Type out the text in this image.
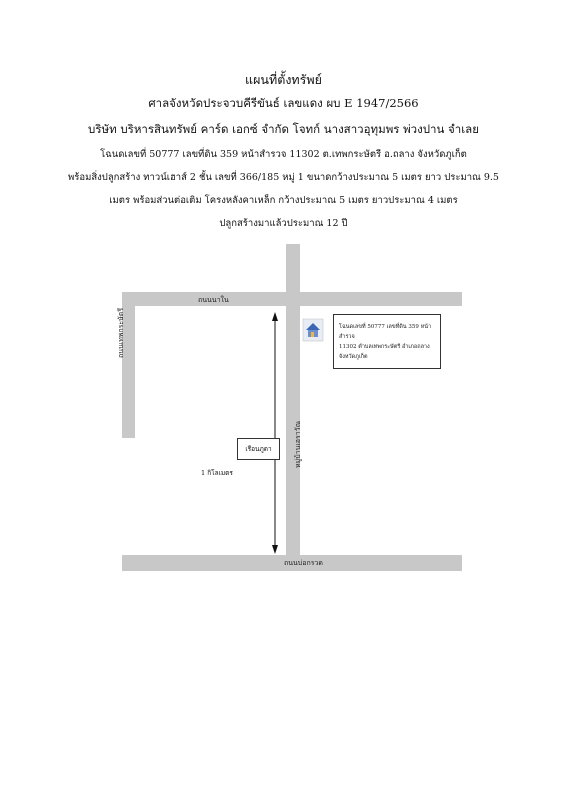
แผนที่ตั้งทรัพย์
ศาลจังหวัดประจวบคีรีขันธ์ เลขแดง ผบ E 1947/2566
บริษัท บริหารสินทรัพย์ คาร์ด เอกซ์ จำกัด โจทก์ นางสาวอุทุมพร พ่วงปาน จำเลย
โฉนดเลขที่ 50777 เลขที่ดิน 359 หน้าสำรวจ 11302 ต.เทพกระษัตรี อ.ถลาง จังหวัดภูเก็ต
พร้อมสิ่งปลูกสร้าง ทาวน์เฮาส์ 2 ชั้น เลขที่ 366/185 หมู่ 1 ขนาดกว้างประมาณ 5 เมตร ยาว ประมาณ 9.5
เมตร พร้อมส่วนต่อเติม โครงหลังคาเหล็ก กว้างประมาณ 5 เมตร ยาวประมาณ 4 เมตร
ปลูกสร้างมาแล้วประมาณ 12 ปี
ถนนนาใน
ถนนบ่อกรวด
ถนนเทพกระษัตรี
หมู่บ้านเอราวัณ
โฉนดเลขที่ 50777 เลขที่ดิน 359 หน้าสำรวจ
11302 ตำบลเทพกระษัตรี อำเภอถลาง
จังหวัดภูเก็ต
เรือนภูดา
1 กิโลเมตร
